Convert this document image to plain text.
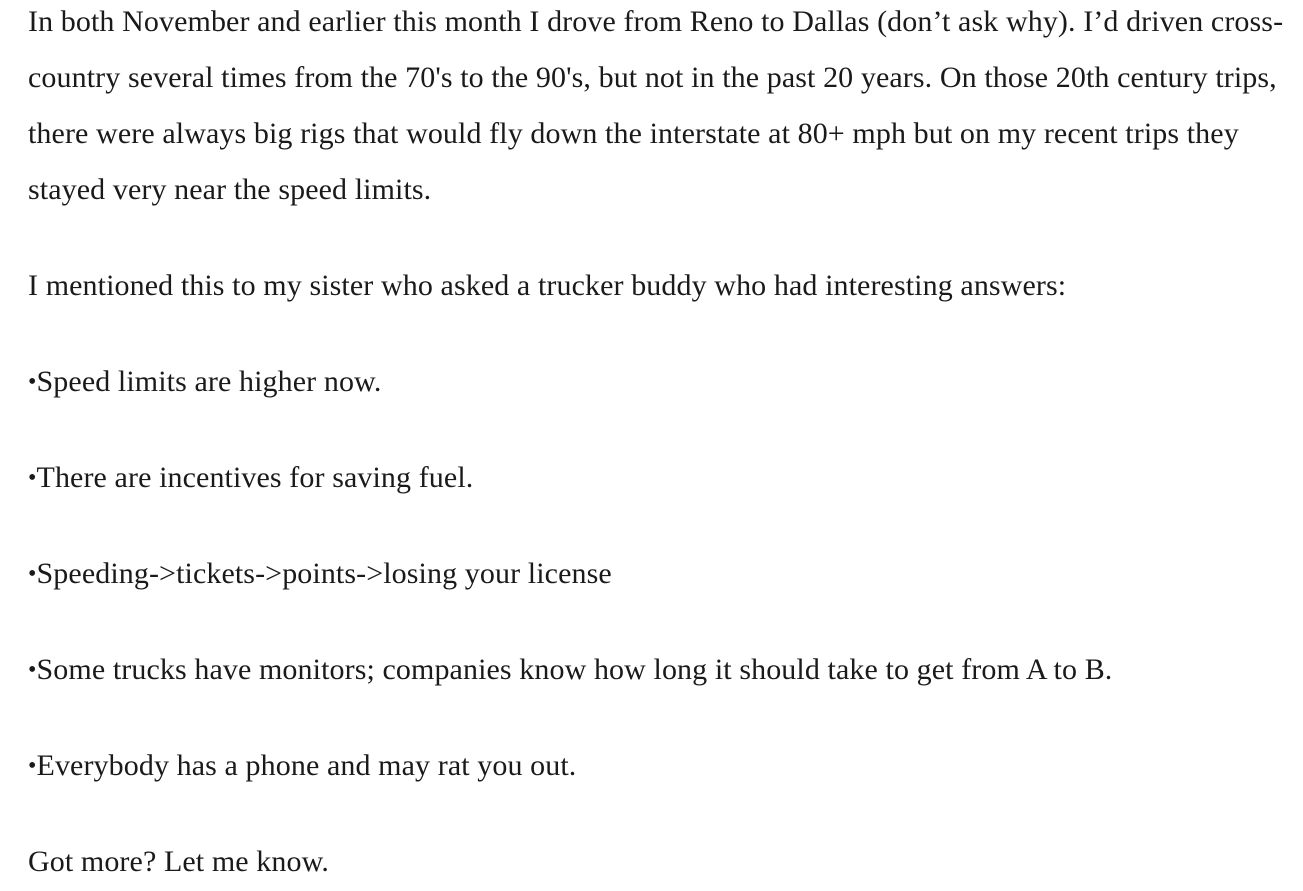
In both November and earlier this month I drove from Reno to Dallas (don’t ask why). I’d driven cross-country several times from the 70's to the 90's, but not in the past 20 years. On those 20th century trips, there were always big rigs that would fly down the interstate at 80+ mph but on my recent trips they stayed very near the speed limits.

I mentioned this to my sister who asked a trucker buddy who had interesting answers:

•Speed limits are higher now.
•There are incentives for saving fuel.
•Speeding->tickets->points->losing your license
•Some trucks have monitors; companies know how long it should take to get from A to B.
•Everybody has a phone and may rat you out.

Got more? Let me know.
